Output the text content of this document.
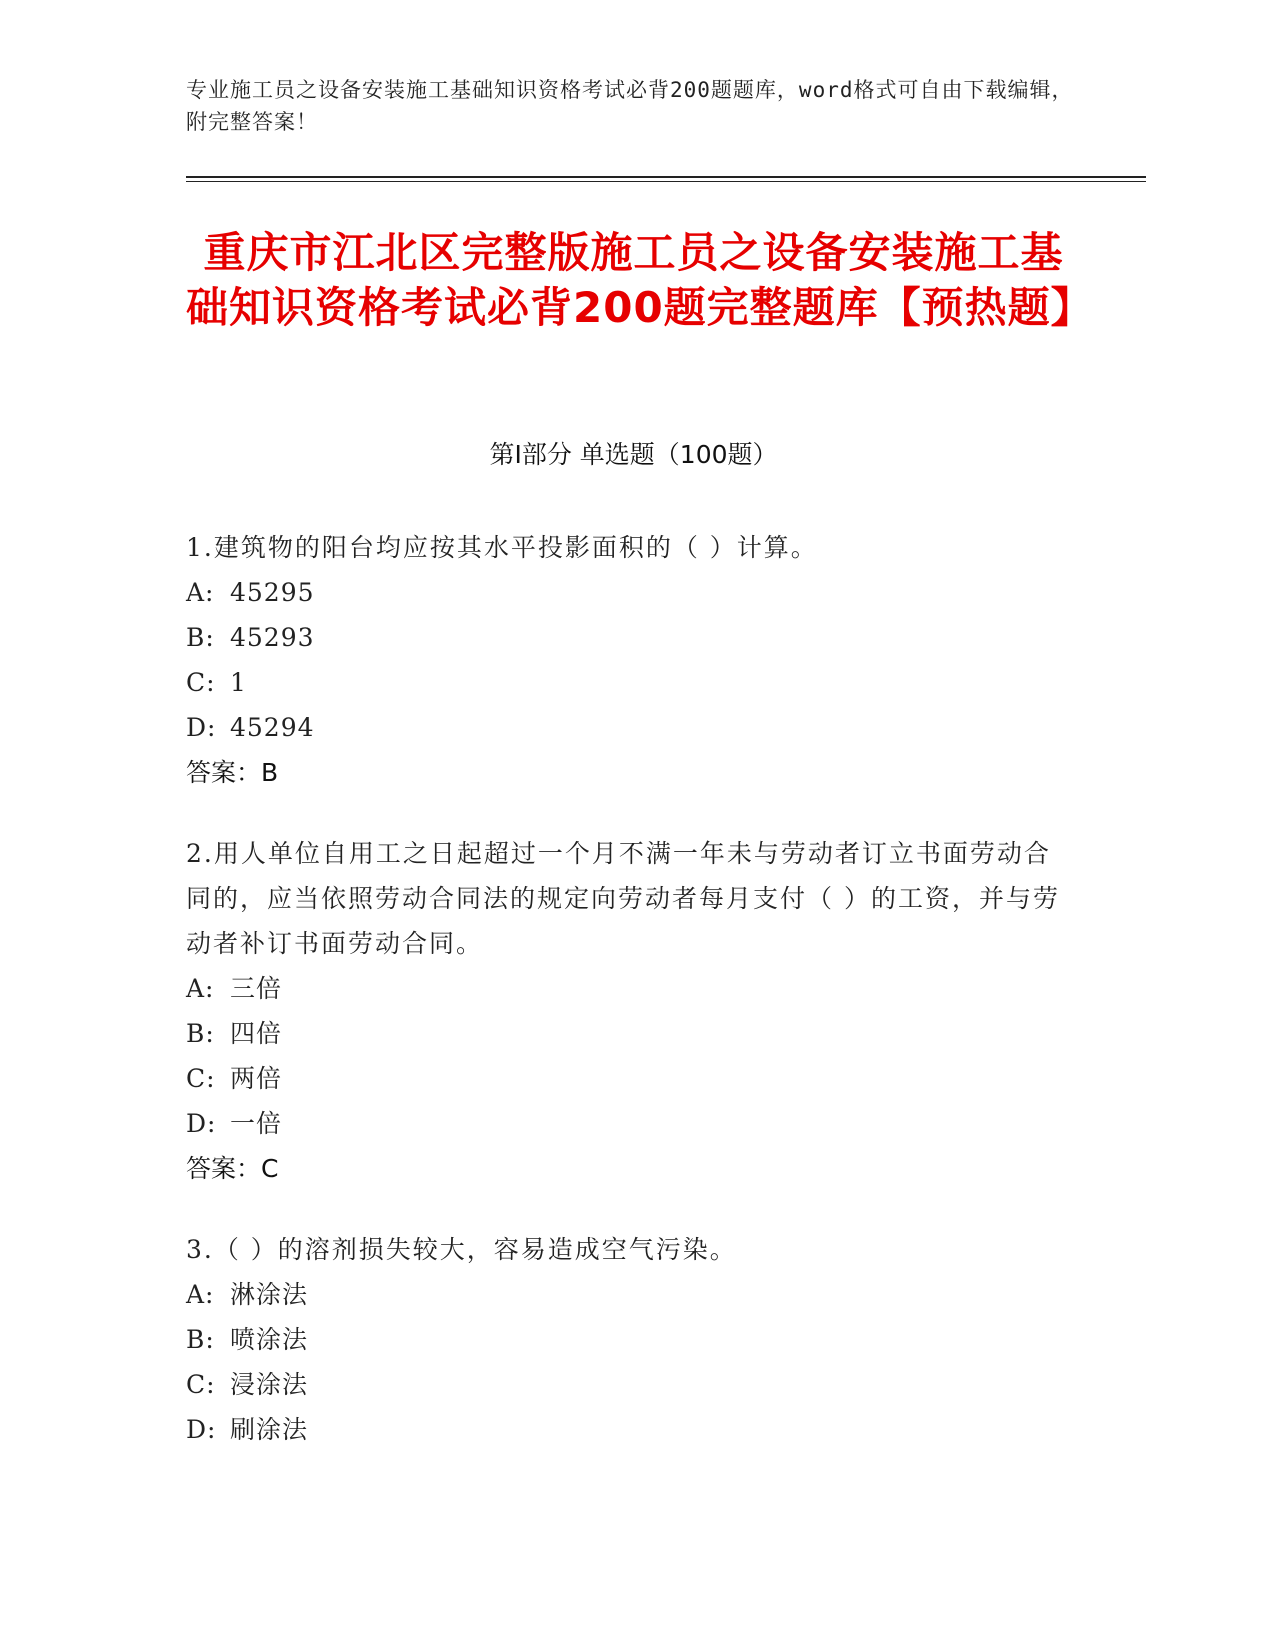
专业施工员之设备安装施工基础知识资格考试必背200题题库，word格式可自由下载编辑，附完整答案！
重庆市江北区完整版施工员之设备安装施工基础知识资格考试必背200题完整题库【预热题】
第Ⅰ部分 单选题（100题）
1.建筑物的阳台均应按其水平投影面积的（ ）计算。
A: 45295
B: 45293
C: 1
D: 45294
答案：B
2.用人单位自用工之日起超过一个月不满一年未与劳动者订立书面劳动合同的，应当依照劳动合同法的规定向劳动者每月支付（ ）的工资，并与劳动者补订书面劳动合同。
A: 三倍
B: 四倍
C: 两倍
D: 一倍
答案：C
3.（ ）的溶剂损失较大，容易造成空气污染。
A: 淋涂法
B: 喷涂法
C: 浸涂法
D: 刷涂法
